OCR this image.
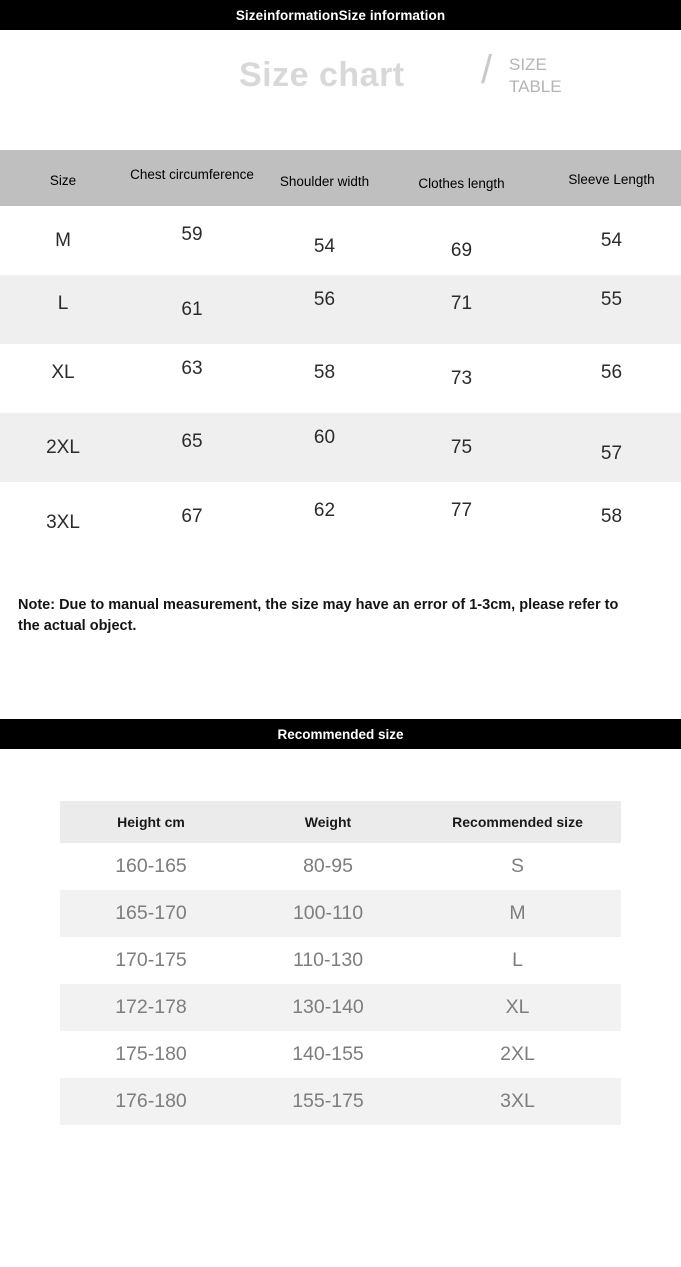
SizeinformationSize information
Size chart / SIZE
TABLE
Size	Chest circumference	Shoulder width	Clothes length	Sleeve Length
M	59	54	69	54
L	61	56	71	55
XL	63	58	73	56
2XL	65	60	75	57
3XL	67	62	77	58
Note: Due to manual measurement, the size may have an error of 1-3cm, please refer to the actual object.
Recommended size
Height cm	Weight	Recommended size
160-165	80-95	S
165-170	100-110	M
170-175	110-130	L
172-178	130-140	XL
175-180	140-155	2XL
176-180	155-175	3XL
